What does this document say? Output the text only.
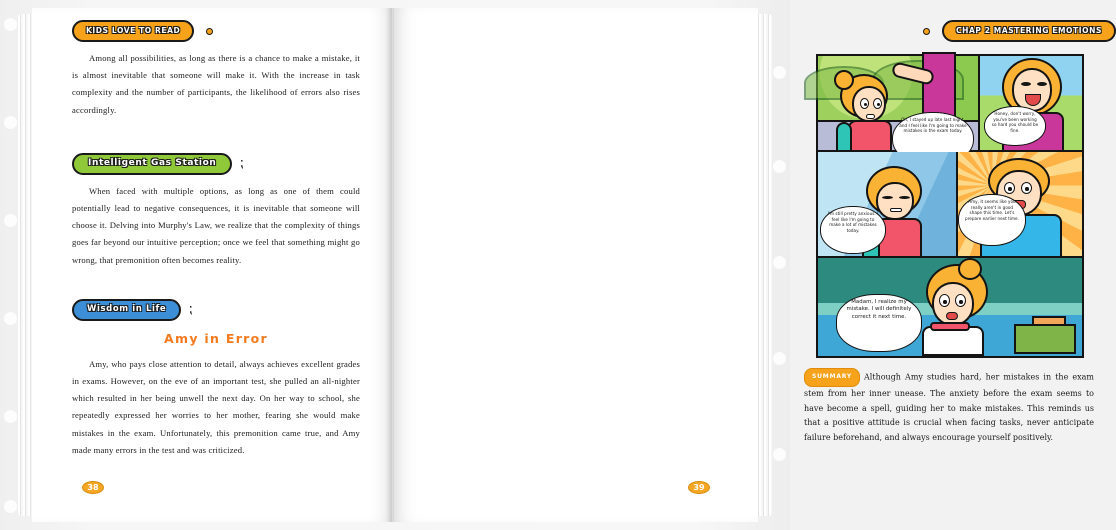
KIDS LOVE TO READ

Among all possibilities, as long as there is a chance to make a mistake, it is almost inevitable that someone will make it. With the increase in task complexity and the number of participants, the likelihood of errors also rises accordingly.

Intelligent Gas Station ⁏

When faced with multiple options, as long as one of them could potentially lead to negative consequences, it is inevitable that someone will choose it. Delving into Murphy's Law, we realize that the complexity of things goes far beyond our intuitive perception; once we feel that something might go wrong, that premonition often becomes reality.

Wisdom in Life ⁏
Amy in Error

Amy, who pays close attention to detail, always achieves excellent grades in exams. However, on the eve of an important test, she pulled an all-nighter which resulted in her being unwell the next day. On her way to school, she repeatedly expressed her worries to her mother, fearing she would make mistakes in the exam. Unfortunately, this premonition came true, and Amy made many errors in the test and was criticized.

38
CHAP 2 MASTERING EMOTIONS
Oh, I stayed up late last night, and I feel like I'm going to make mistakes in the exam today.
Honey, don't worry, you've been working so hard you should be fine.
I'm still pretty anxious. I feel like I'm going to make a lot of mistakes today.
Amy, it seems like you really aren't in good shape this time. Let's prepare earlier next time.
Madam, I realize my mistake. I will definitely correct it next time.

SUMMARY Although Amy studies hard, her mistakes in the exam stem from her inner unease. The anxiety before the exam seems to have become a spell, guiding her to make mistakes. This reminds us that a positive attitude is crucial when facing tasks, never anticipate failure beforehand, and always encourage yourself positively.

39
